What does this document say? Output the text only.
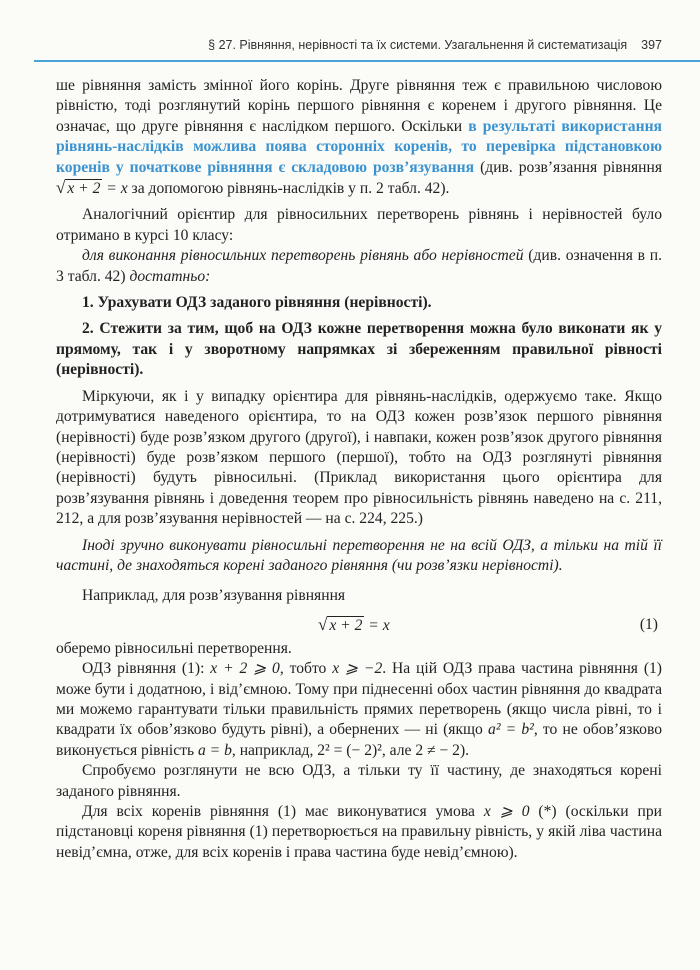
§ 27. Рівняння, нерівності та їх системи. Узагальнення й систематизація 397

ше рівняння замість змінної його корінь. Друге рівняння теж є правильною числовою рівністю, тоді розглянутий корінь першого рівняння є коренем і другого рівняння. Це означає, що друге рівняння є наслідком першого. Оскільки в результаті використання рівнянь-наслідків можлива поява сторонніх коренів, то перевірка підстановкою коренів у початкове рівняння є складовою розв’язування (див. розв’язання рівняння √ x + 2 = x за допомогою рівнянь-наслідків у п. 2 табл. 42).

Аналогічний орієнтир для рівносильних перетворень рівнянь і нерівностей було отримано в курсі 10 класу:

для виконання рівносильних перетворень рівнянь або нерівностей (див. означення в п. 3 табл. 42) достатньо:

1. Урахувати ОДЗ заданого рівняння (нерівності).

2. Стежити за тим, щоб на ОДЗ кожне перетворення можна було виконати як у прямому, так і у зворотному напрямках зі збереженням правильної рівності (нерівності).

Міркуючи, як і у випадку орієнтира для рівнянь-наслідків, одержуємо таке. Якщо дотримуватися наведеного орієнтира, то на ОДЗ кожен розв’язок першого рівняння (нерівності) буде розв’язком другого (другої), і навпаки, кожен розв’язок другого рівняння (нерівності) буде розв’язком першого (першої), тобто на ОДЗ розглянуті рівняння (нерівності) будуть рівносильні. (Приклад використання цього орієнтира для розв’язування рівнянь і доведення теорем про рівносильність рівнянь наведено на с. 211, 212, а для розв’язування нерівностей — на с. 224, 225.)

Іноді зручно виконувати рівносильні перетворення не на всій ОДЗ, а тільки на тій її частині, де знаходяться корені заданого рівняння (чи розв’язки нерівності).

Наприклад, для розв’язування рівняння

√ x + 2 = x	(1)

оберемо рівносильні перетворення.

ОДЗ рівняння (1): x + 2 ⩾ 0, тобто x ⩾ −2. На цій ОДЗ права частина рівняння (1) може бути і додатною, і від’ємною. Тому при піднесенні обох частин рівняння до квадрата ми можемо гарантувати тільки правильність прямих перетворень (якщо числа рівні, то і квадрати їх обов’язково будуть рівні), а обернених — ні (якщо a² = b², то не обов’язково виконується рівність a = b, наприклад, 2² = (− 2)², але 2 ≠ − 2).

Спробуємо розглянути не всю ОДЗ, а тільки ту її частину, де знаходяться корені заданого рівняння.

Для всіх коренів рівняння (1) має виконуватися умова x ⩾ 0 (*) (оскільки при підстановці кореня рівняння (1) перетворюється на правильну рівність, у якій ліва частина невід’ємна, отже, для всіх коренів і права частина буде невід’ємною).
